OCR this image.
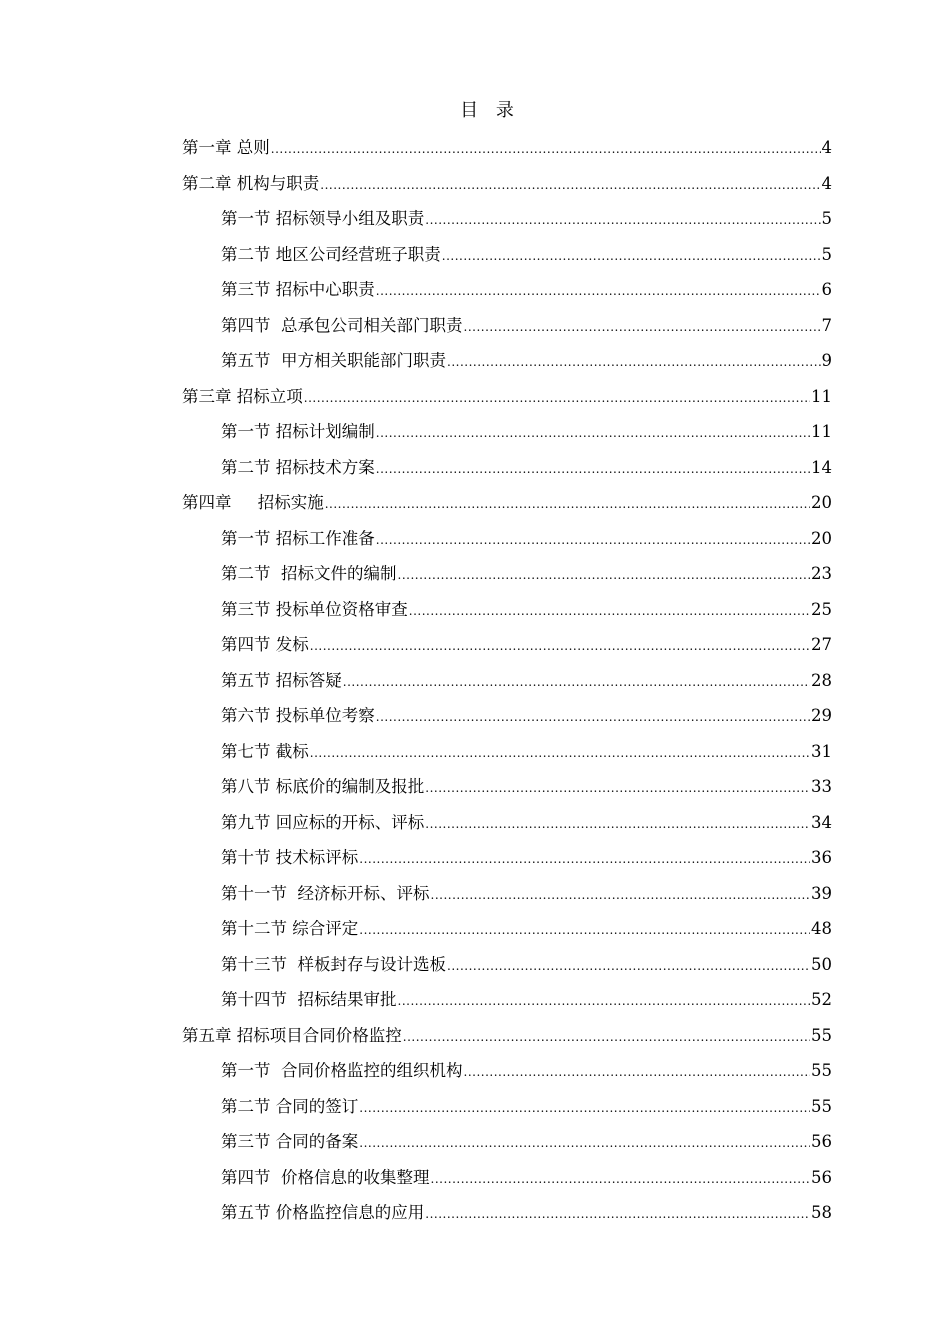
目 录
第一章 总则 .....	4
第二章 机构与职责 .....	4
第一节 招标领导小组及职责 .....	5
第二节 地区公司经营班子职责 .....	5
第三节 招标中心职责 .....	6
第四节  总承包公司相关部门职责 .....	7
第五节  甲方相关职能部门职责 .....	9
第三章 招标立项 .....	11
第一节 招标计划编制 .....	11
第二节 招标技术方案 .....	14
第四章     招标实施 .....	20
第一节 招标工作准备 .....	20
第二节  招标文件的编制 .....	23
第三节 投标单位资格审查 .....	25
第四节 发标 .....	27
第五节 招标答疑 .....	28
第六节 投标单位考察 .....	29
第七节 截标 .....	31
第八节 标底价的编制及报批 .....	33
第九节 回应标的开标、评标 .....	34
第十节 技术标评标 .....	36
第十一节  经济标开标、评标 .....	39
第十二节 综合评定 .....	48
第十三节  样板封存与设计选板 .....	50
第十四节  招标结果审批 .....	52
第五章 招标项目合同价格监控 .....	55
第一节  合同价格监控的组织机构 .....	55
第二节 合同的签订 .....	55
第三节 合同的备案 .....	56
第四节  价格信息的收集整理 .....	56
第五节 价格监控信息的应用 .....	58
